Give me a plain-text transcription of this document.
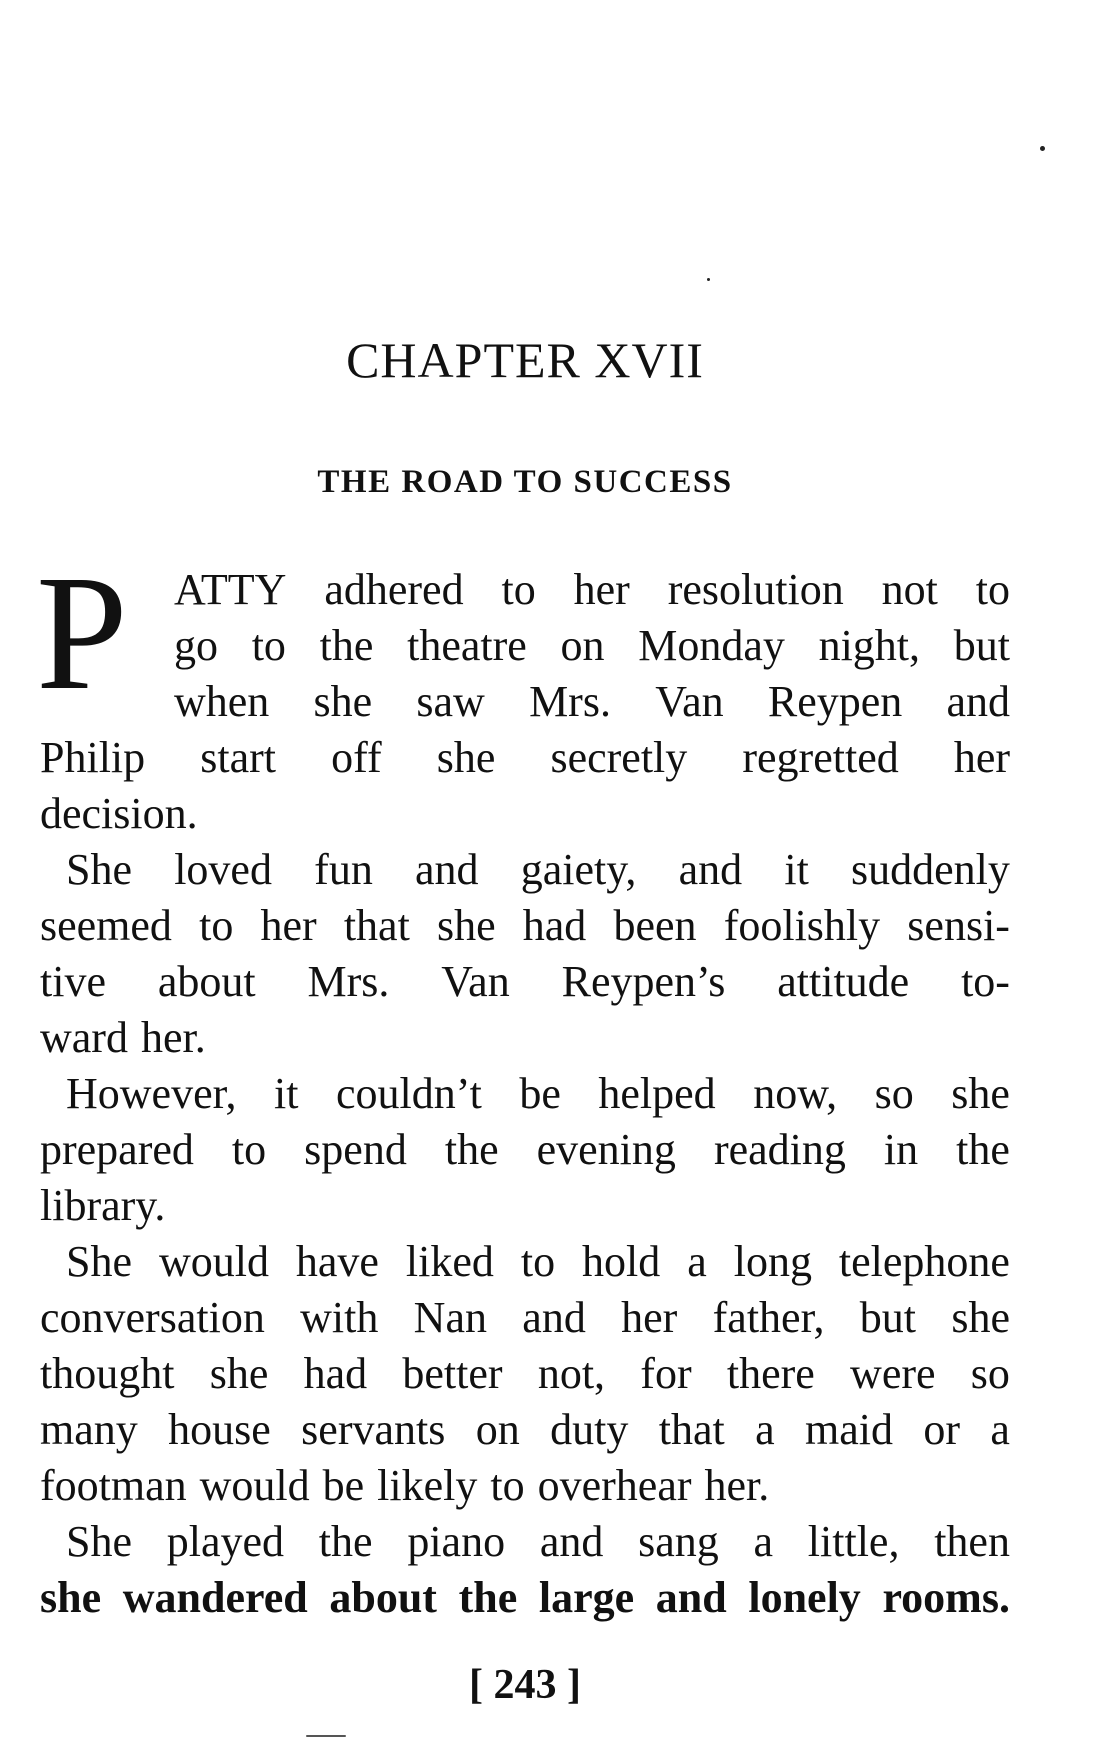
CHAPTER XVII
THE ROAD TO SUCCESS
P ATTY adhered to her resolution not to
go to the theatre on Monday night, but
when she saw Mrs. Van Reypen and
Philip start off she secretly regretted her
decision.
She loved fun and gaiety, and it suddenly
seemed to her that she had been foolishly sensi-
tive about Mrs. Van Reypen’s attitude to-
ward her.
However, it couldn’t be helped now, so she
prepared to spend the evening reading in the
library.
She would have liked to hold a long telephone
conversation with Nan and her father, but she
thought she had better not, for there were so
many house servants on duty that a maid or a
footman would be likely to overhear her.
She played the piano and sang a little, then
she wandered about the large and lonely rooms.
[ 243 ]
